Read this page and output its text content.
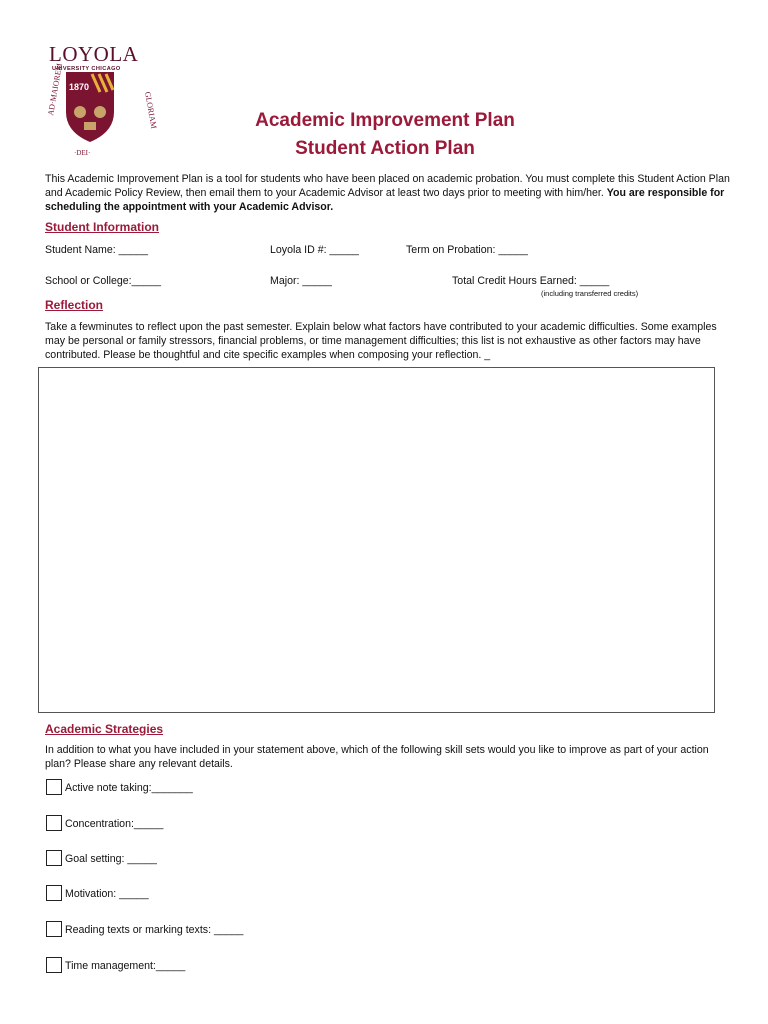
LOYOLA
UNIVERSITY CHICAGO
1870
AD·MAIOREM	GLORIAM
·DEI·
Academic Improvement Plan
Student Action Plan
This Academic Improvement Plan is a tool for students who have been placed on academic probation. You must complete this Student Action Plan and Academic Policy Review, then email them to your Academic Advisor at least two days prior to meeting with him/her. You are responsible for scheduling the appointment with your Academic Advisor.
Student Information
Student Name: _____	Loyola ID #: _____	Term on Probation: _____
School or College:_____	Major: _____	Total Credit Hours Earned: _____
(including transferred credits)
Reflection
Take a fewminutes to reflect upon the past semester. Explain below what factors have contributed to your academic difficulties. Some examples may be personal or family stressors, financial problems, or time management difficulties; this list is not exhaustive as other factors may have contributed. Please be thoughtful and cite specific examples when composing your reflection. _
Academic Strategies
In addition to what you have included in your statement above, which of the following skill sets would you like to improve as part of your action plan? Please share any relevant details.
Active note taking:_______
Concentration:_____
Goal setting: _____
Motivation: _____
Reading texts or marking texts: _____
Time management:_____
